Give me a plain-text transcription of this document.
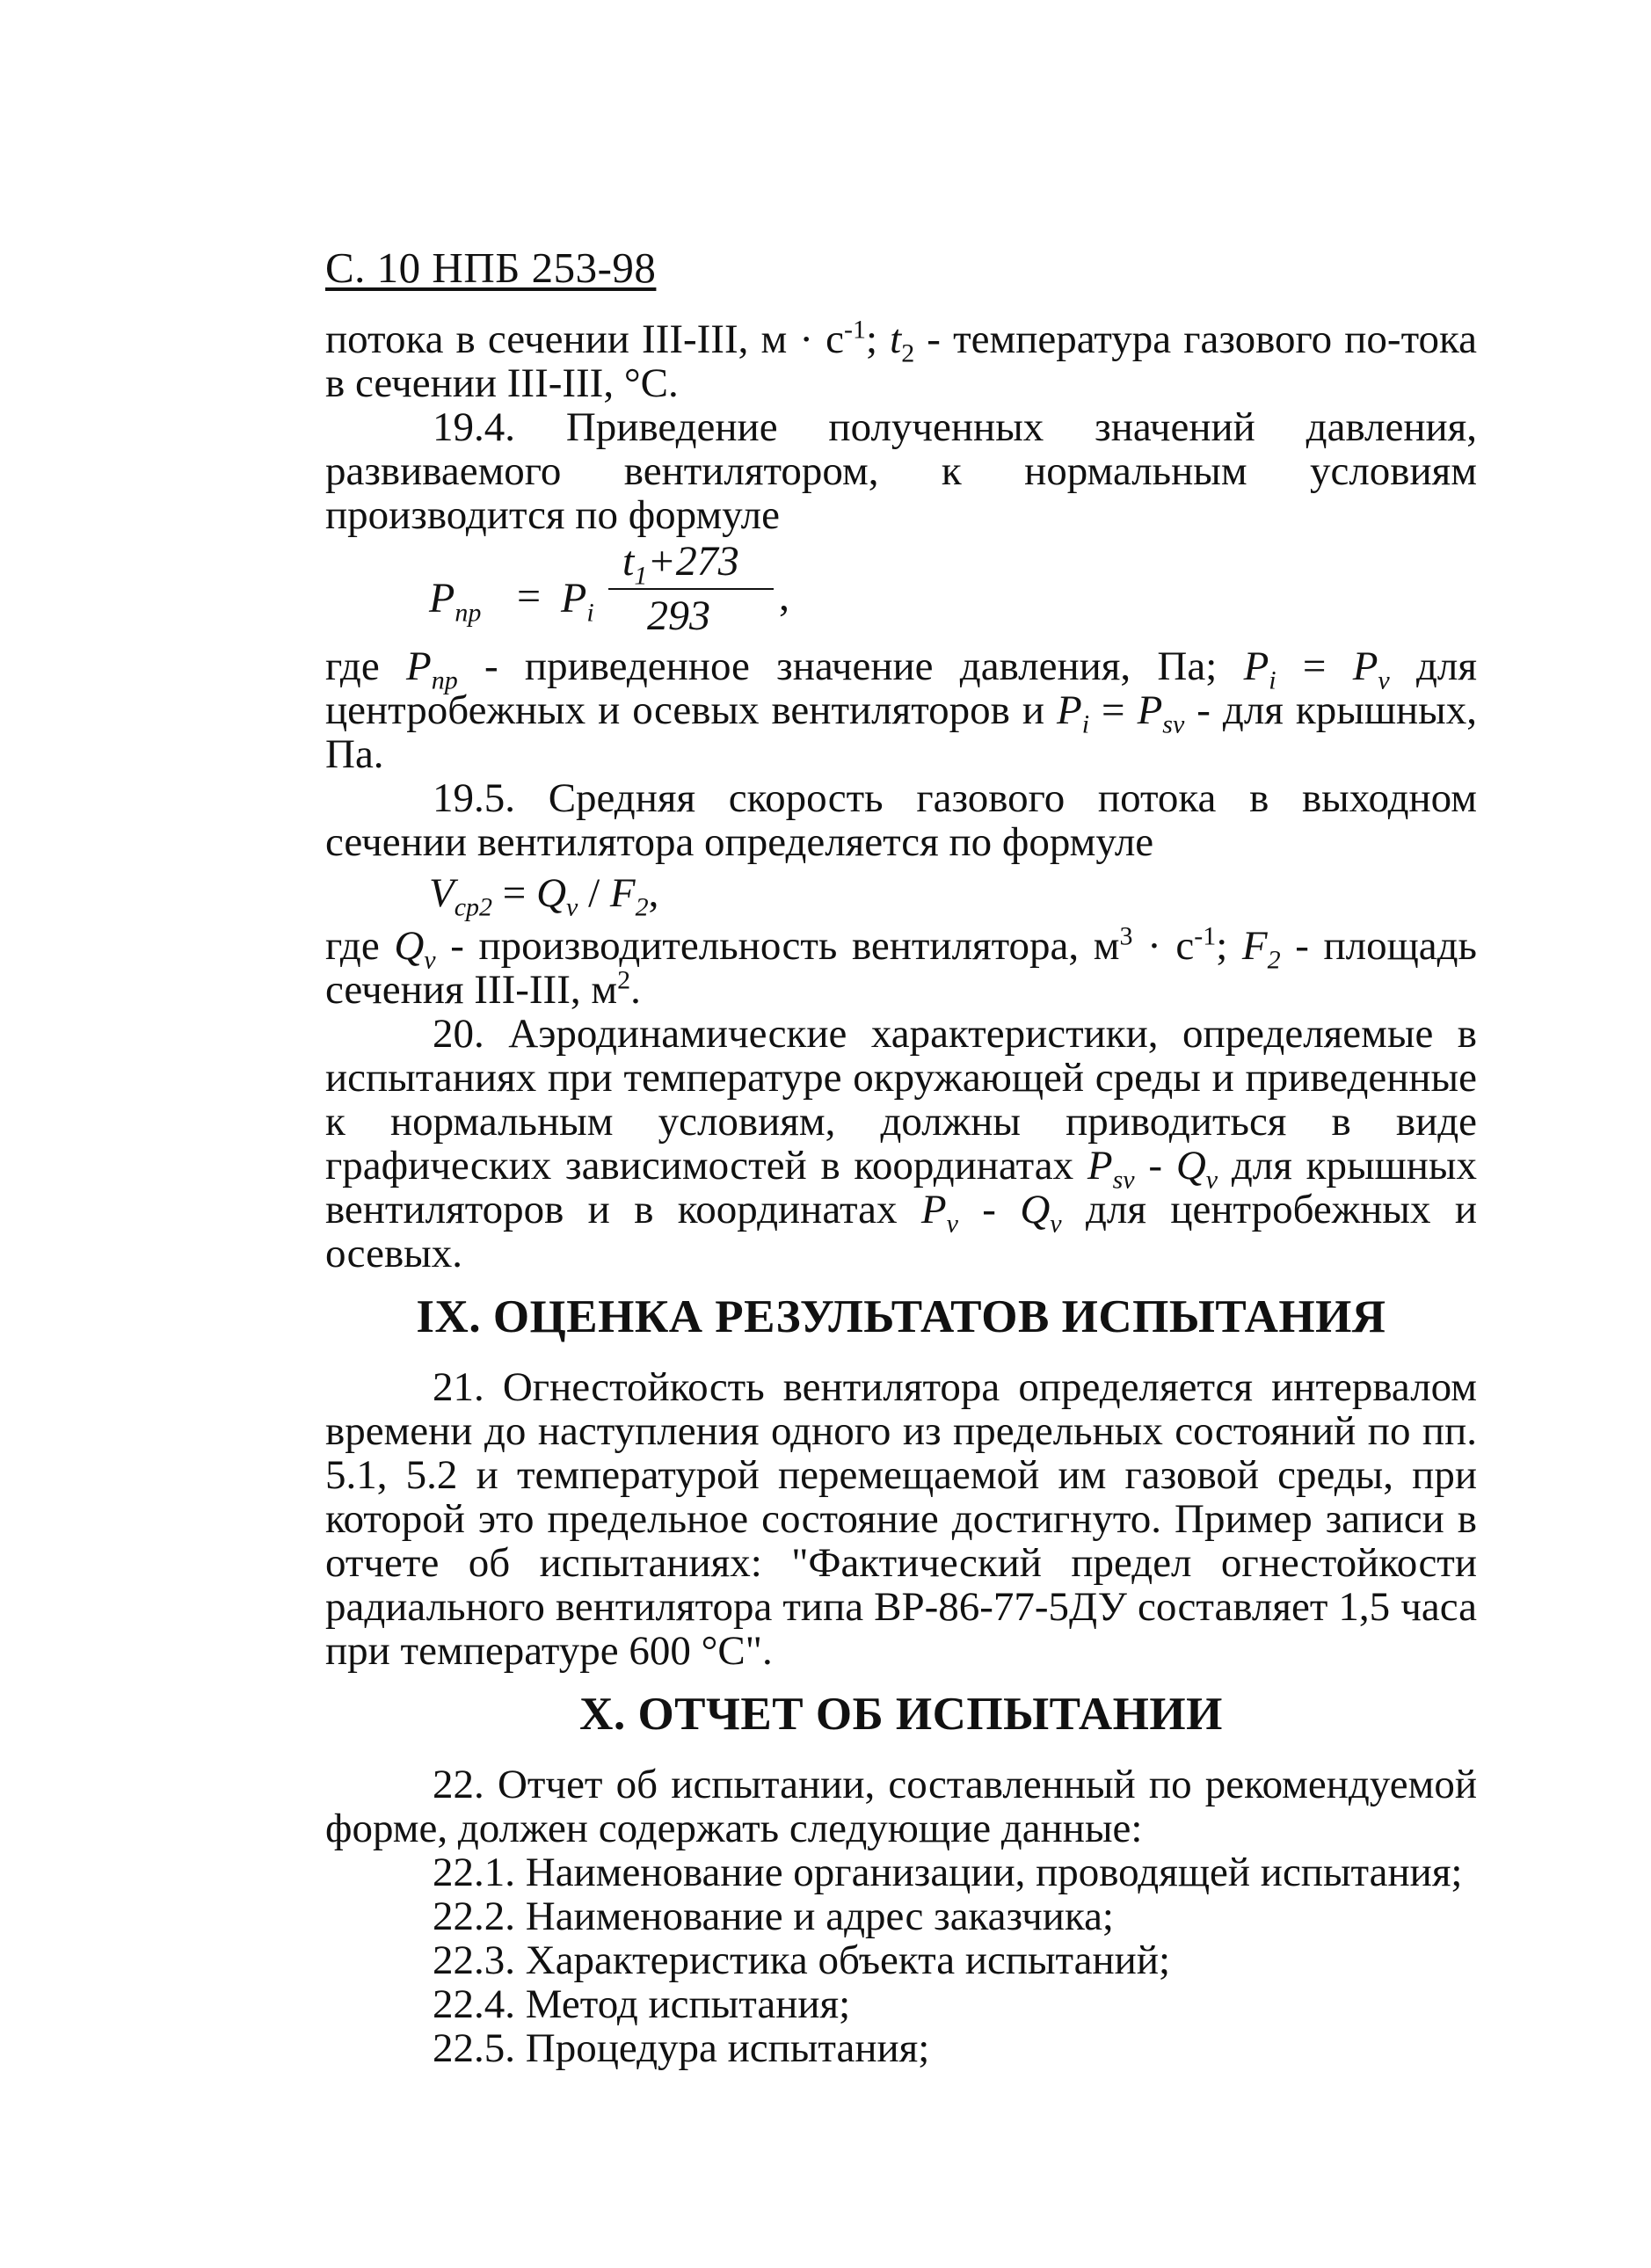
С. 10 НПБ 253-98

потока в сечении III-III, $м \cdot с^{-1}$; $t_2$ - температура газового по-тока в сечении III-III, °С.

19.4. Приведение полученных значений давления, развиваемого вентилятором, к нормальным условиям производится по формуле

$P_{np} = P_i$
$t_1+273$
293 ,

где $P_{np}$ - приведенное значение давления, Па; $P_i = P_v$ для центробежных и осевых вентиляторов и $P_i = P_{sv}$ - для крышных, Па.

19.5. Средняя скорость газового потока в выходном сечении вентилятора определяется по формуле

$V_{cp2} = Q_v / F_2$,

где $Q_v$ - производительность вентилятора, $м^3 \cdot с^{-1}$; $F_2$ - площадь сечения III-III, $м^2$.

20. Аэродинамические характеристики, определяемые в испытаниях при температуре окружающей среды и приведенные к нормальным условиям, должны приводиться в виде графических зависимостей в координатах $P_{sv} - Q_v$ для крышных вентиляторов и в координатах $P_v - Q_v$ для центробежных и осевых.

IX. ОЦЕНКА РЕЗУЛЬТАТОВ ИСПЫТАНИЯ

21. Огнестойкость вентилятора определяется интервалом времени до наступления одного из предельных состояний по пп. 5.1, 5.2 и температурой перемещаемой им газовой среды, при которой это предельное состояние достигнуто. Пример записи в отчете об испытаниях: "Фактический предел огнестойкости радиального вентилятора типа ВР-86-77-5ДУ составляет 1,5 часа при температуре 600 °С".

X. ОТЧЕТ ОБ ИСПЫТАНИИ

22. Отчет об испытании, составленный по рекомендуемой форме, должен содержать следующие данные:

22.1. Наименование организации, проводящей испытания;

22.2. Наименование и адрес заказчика;

22.3. Характеристика объекта испытаний;

22.4. Метод испытания;

22.5. Процедура испытания;
